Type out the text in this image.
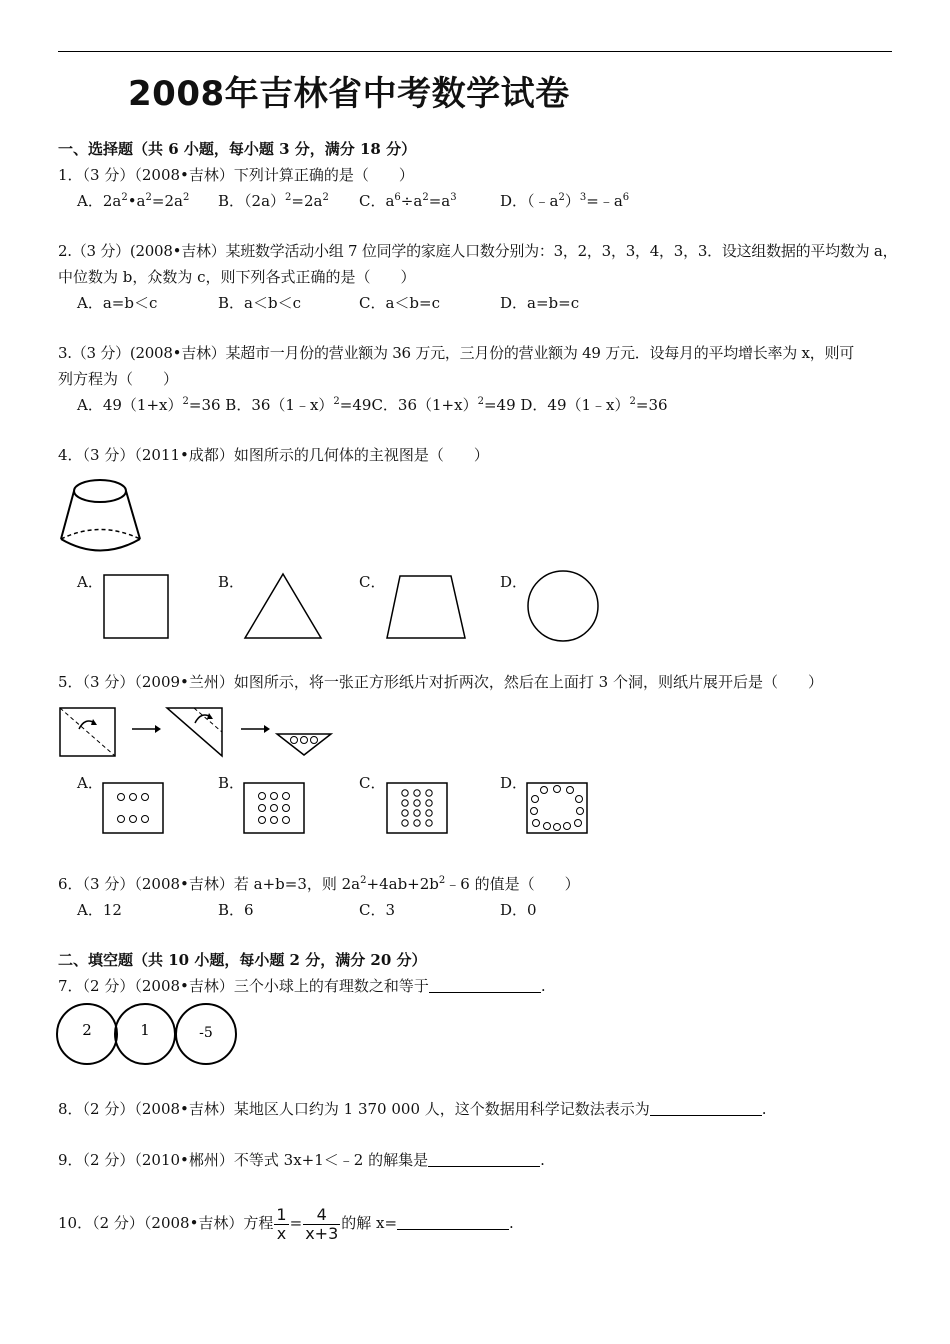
2008年吉林省中考数学试卷
一、选择题（共 6 小题，每小题 3 分，满分 18 分）
1．（3 分）（2008•吉林）下列计算正确的是（　　）
A．$2a^2•a^2=2a^2$ B．$(2a)^2=2a^2$ C．$a^6\div a^2=a^3$	D．$(﹣a^2)^3=﹣a^6$
2.（3 分）(2008•吉林）某班数学活动小组 7 位同学的家庭人口数分别为：3，2，3，3，4，3，3．设这组数据的平均数为 a，
中位数为 b，众数为 c，则下列各式正确的是（　　）
A．a=b＜c	B．a＜b＜c	C．a＜b=c	D．a=b=c
3.（3 分）(2008•吉林）某超市一月份的营业额为 36 万元，三月份的营业额为 49 万元．设每月的平均增长率为 x，则可
列方程为（　　）
A．$49(1+x)^2=36$ B．36（1﹣x）$^2$=49C．$36(1+x)^2=49$ D．49（1﹣x）$^2$=36
4．（3 分）（2011•成都）如图所示的几何体的主视图是（　　）
A．	B．	C．	D．
5．（3 分）（2009•兰州）如图所示，将一张正方形纸片对折两次，然后在上面打 3 个洞，则纸片展开后是（　　）
A．	B．	C．	D．
6．（3 分）（2008•吉林）若 a+b=3，则 $2a^2+4ab+2b^2﹣6$ 的值是（　　）
A．12	B．6	C．3	D．0
二、填空题（共 10 小题，每小题 2 分，满分 20 分）
7．（2 分）（2008•吉林）三个小球上的有理数之和等于	.
2	1	-5
8．（2 分）（2008•吉林）某地区人口约为 1 370 000 人，这个数据用科学记数法表示为	.
9．（2 分）（2010•郴州）不等式 3x+1＜﹣2 的解集是	.
10．（2 分）（2008•吉林）方程 $\frac{1}{x} = \frac{4}{x+3}$ 的解 x=	.
